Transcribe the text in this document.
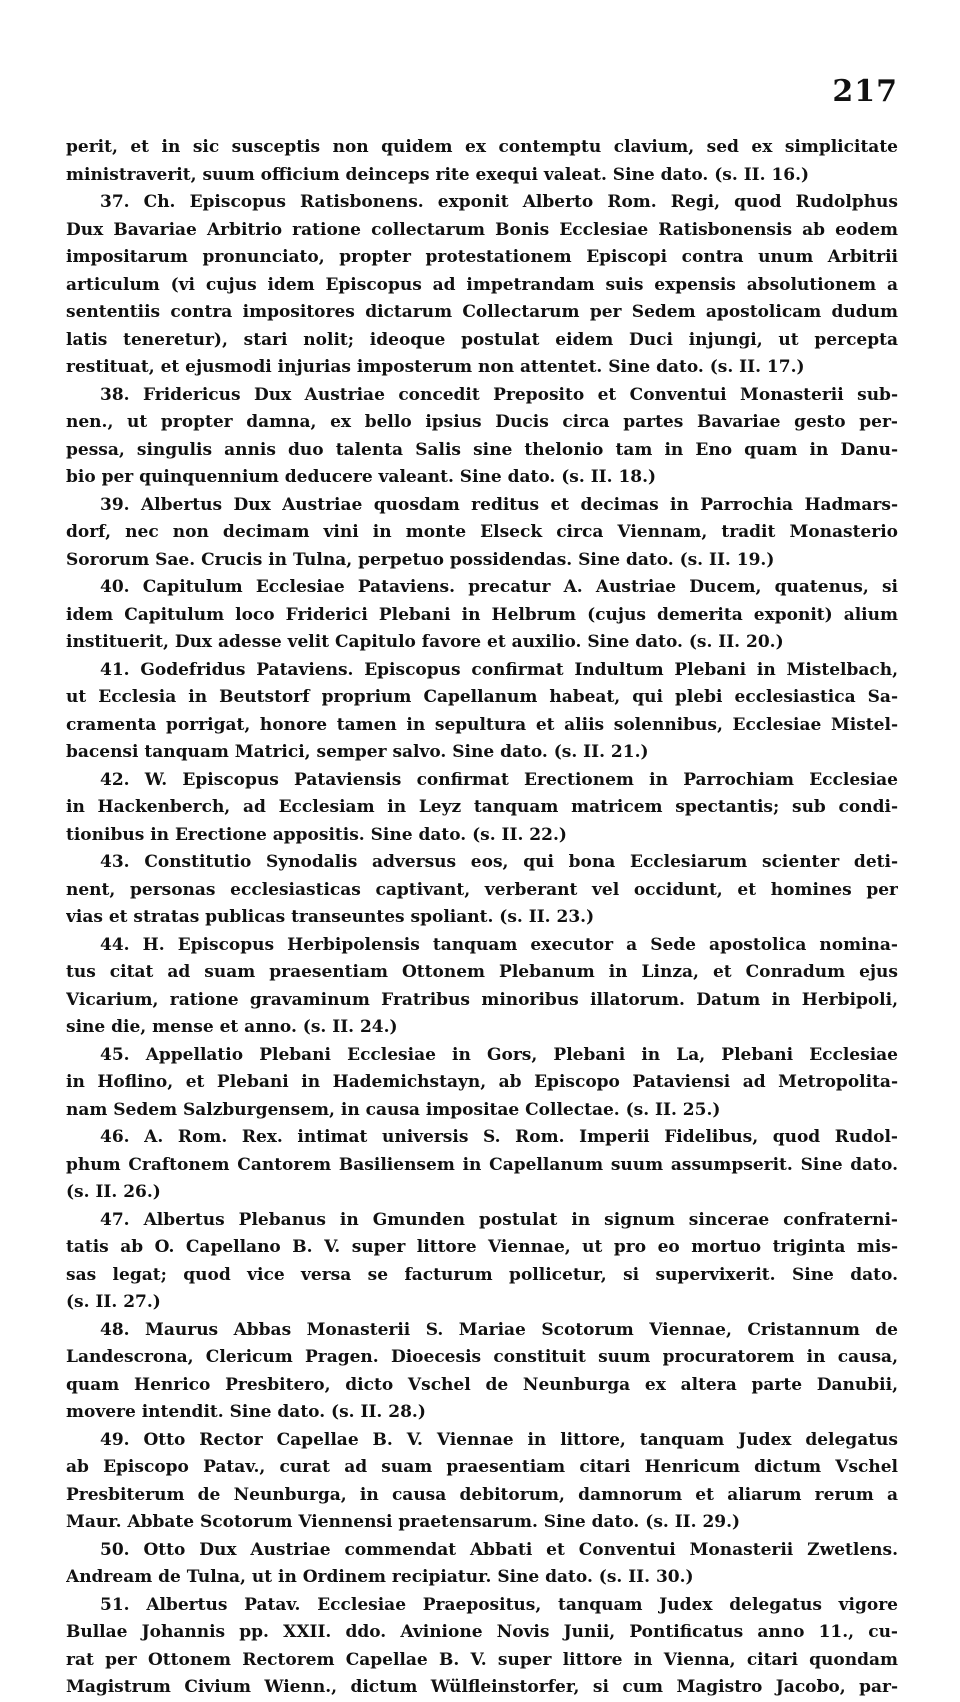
217
perit, et in sic susceptis non quidem ex contemptu clavium, sed ex simplicitate
ministraverit, suum officium deinceps rite exequi valeat. Sine dato. (s. II. 16.)
37. Ch. Episcopus Ratisbonens. exponit Alberto Rom. Regi, quod Rudolphus
Dux Bavariae Arbitrio ratione collectarum Bonis Ecclesiae Ratisbonensis ab eodem
impositarum pronunciato, propter protestationem Episcopi contra unum Arbitrii
articulum (vi cujus idem Episcopus ad impetrandam suis expensis absolutionem a
sententiis contra impositores dictarum Collectarum per Sedem apostolicam dudum
latis teneretur), stari nolit; ideoque postulat eidem Duci injungi, ut percepta
restituat, et ejusmodi injurias imposterum non attentet. Sine dato. (s. II. 17.)
38. Fridericus Dux Austriae concedit Preposito et Conventui Monasterii sub-
nen., ut propter damna, ex bello ipsius Ducis circa partes Bavariae gesto per-
pessa, singulis annis duo talenta Salis sine thelonio tam in Eno quam in Danu-
bio per quinquennium deducere valeant. Sine dato. (s. II. 18.)
39. Albertus Dux Austriae quosdam reditus et decimas in Parrochia Hadmars-
dorf, nec non decimam vini in monte Elseck circa Viennam, tradit Monasterio
Sororum Sae. Crucis in Tulna, perpetuo possidendas. Sine dato. (s. II. 19.)
40. Capitulum Ecclesiae Pataviens. precatur A. Austriae Ducem, quatenus, si
idem Capitulum loco Friderici Plebani in Helbrum (cujus demerita exponit) alium
instituerit, Dux adesse velit Capitulo favore et auxilio. Sine dato. (s. II. 20.)
41. Godefridus Pataviens. Episcopus confirmat Indultum Plebani in Mistelbach,
ut Ecclesia in Beutstorf proprium Capellanum habeat, qui plebi ecclesiastica Sa-
cramenta porrigat, honore tamen in sepultura et aliis solennibus, Ecclesiae Mistel-
bacensi tanquam Matrici, semper salvo. Sine dato. (s. II. 21.)
42. W. Episcopus Pataviensis confirmat Erectionem in Parrochiam Ecclesiae
in Hackenberch, ad Ecclesiam in Leyz tanquam matricem spectantis; sub condi-
tionibus in Erectione appositis. Sine dato. (s. II. 22.)
43. Constitutio Synodalis adversus eos, qui bona Ecclesiarum scienter deti-
nent, personas ecclesiasticas captivant, verberant vel occidunt, et homines per
vias et stratas publicas transeuntes spoliant. (s. II. 23.)
44. H. Episcopus Herbipolensis tanquam executor a Sede apostolica nomina-
tus citat ad suam praesentiam Ottonem Plebanum in Linza, et Conradum ejus
Vicarium, ratione gravaminum Fratribus minoribus illatorum. Datum in Herbipoli,
sine die, mense et anno. (s. II. 24.)
45. Appellatio Plebani Ecclesiae in Gors, Plebani in La, Plebani Ecclesiae
in Hoflino, et Plebani in Hademichstayn, ab Episcopo Pataviensi ad Metropolita-
nam Sedem Salzburgensem, in causa impositae Collectae. (s. II. 25.)
46. A. Rom. Rex. intimat universis S. Rom. Imperii Fidelibus, quod Rudol-
phum Craftonem Cantorem Basiliensem in Capellanum suum assumpserit. Sine dato.
(s. II. 26.)
47. Albertus Plebanus in Gmunden postulat in signum sincerae confraterni-
tatis ab O. Capellano B. V. super littore Viennae, ut pro eo mortuo triginta mis-
sas legat; quod vice versa se facturum pollicetur, si supervixerit. Sine dato.
(s. II. 27.)
48. Maurus Abbas Monasterii S. Mariae Scotorum Viennae, Cristannum de
Landescrona, Clericum Pragen. Dioecesis constituit suum procuratorem in causa,
quam Henrico Presbitero, dicto Vschel de Neunburga ex altera parte Danubii,
movere intendit. Sine dato. (s. II. 28.)
49. Otto Rector Capellae B. V. Viennae in littore, tanquam Judex delegatus
ab Episcopo Patav., curat ad suam praesentiam citari Henricum dictum Vschel
Presbiterum de Neunburga, in causa debitorum, damnorum et aliarum rerum a
Maur. Abbate Scotorum Viennensi praetensarum. Sine dato. (s. II. 29.)
50. Otto Dux Austriae commendat Abbati et Conventui Monasterii Zwetlens.
Andream de Tulna, ut in Ordinem recipiatur. Sine dato. (s. II. 30.)
51. Albertus Patav. Ecclesiae Praepositus, tanquam Judex delegatus vigore
Bullae Johannis pp. XXII. ddo. Avinione Novis Junii, Pontificatus anno 11., cu-
rat per Ottonem Rectorem Capellae B. V. super littore in Vienna, citari quondam
Magistrum Civium Wienn., dictum Wülfleinstorfer, si cum Magistro Jacobo, par-
